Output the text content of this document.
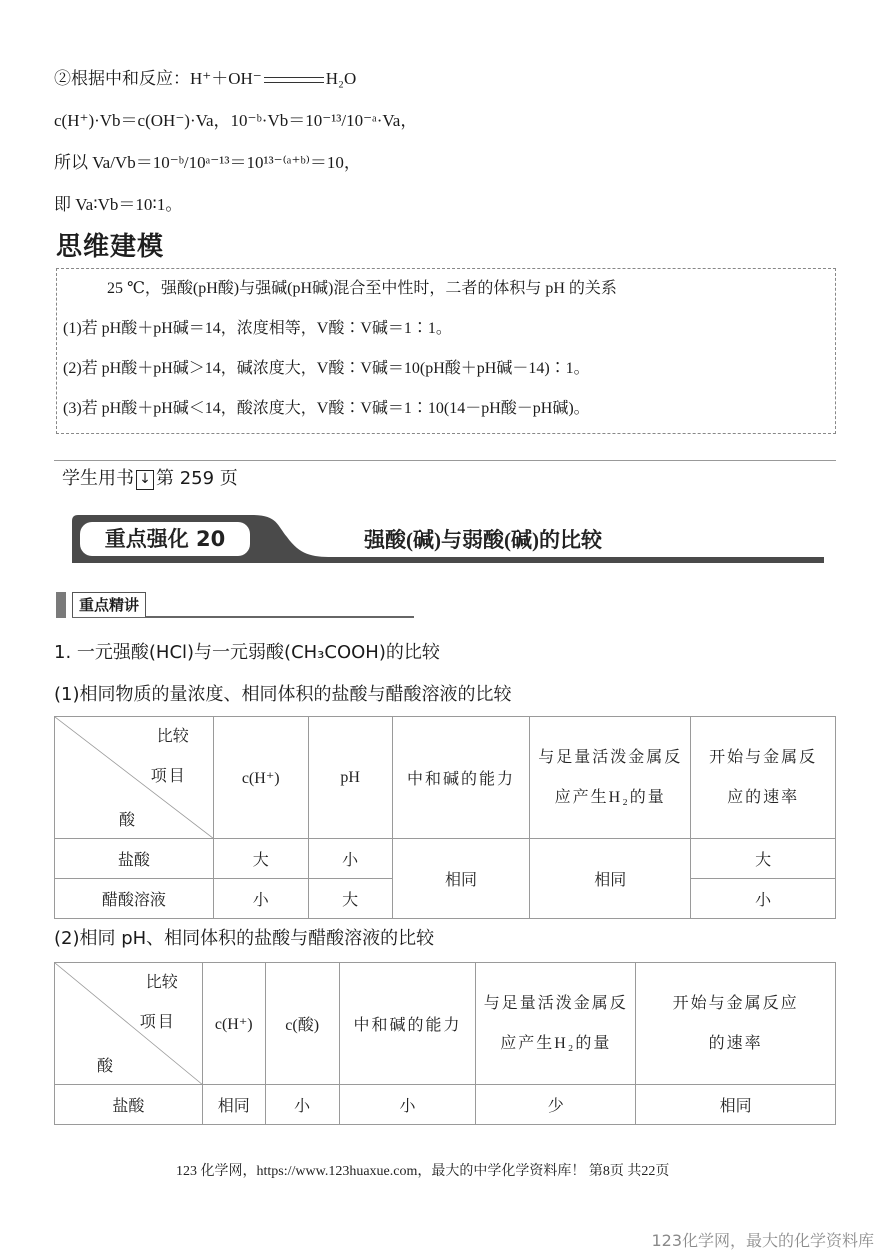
②根据中和反应：H⁺＋OH⁻	H₂O
c(H⁺)·Vb＝c(OH⁻)·Va，10⁻ᵇ·Vb＝10⁻¹³/10⁻ᵃ·Va，
所以 Va/Vb＝10⁻ᵇ/10ᵃ⁻¹³＝10¹³⁻⁽ᵃ⁺ᵇ⁾＝10，
即 Va∶Vb＝10∶1。
思维建模
25 ℃，强酸(pH酸)与强碱(pH碱)混合至中性时，二者的体积与 pH 的关系
(1)若 pH酸＋pH碱＝14，浓度相等，V酸∶V碱＝1∶1。
(2)若 pH酸＋pH碱＞14，碱浓度大，V酸∶V碱＝10(pH酸＋pH碱－14)∶1。
(3)若 pH酸＋pH碱＜14，酸浓度大，V酸∶V碱＝1∶10(14－pH酸－pH碱)。
学生用书 ↓ 第 259 页
重点强化 20	强酸(碱)与弱酸(碱)的比较
重点精讲
1. 一元强酸(HCl)与一元弱酸(CH₃COOH)的比较
(1)相同物质的量浓度、相同体积的盐酸与醋酸溶液的比较
比较
项目
酸	c(H⁺)	pH	中和碱的能力	与足量活泼金属反应产生H₂的量	开始与金属反应的速率
盐酸	大	小	相同	相同	大
醋酸溶液	小	大			小
(2)相同 pH、相同体积的盐酸与醋酸溶液的比较
比较
项目
酸	c(H⁺)	c(酸)	中和碱的能力	与足量活泼金属反应产生H₂的量	开始与金属反应的速率
盐酸	相同	小	小	少	相同
123 化学网，https://www.123huaxue.com，最大的中学化学资料库！ 第8页 共22页
123化学网，最大的化学资料库
